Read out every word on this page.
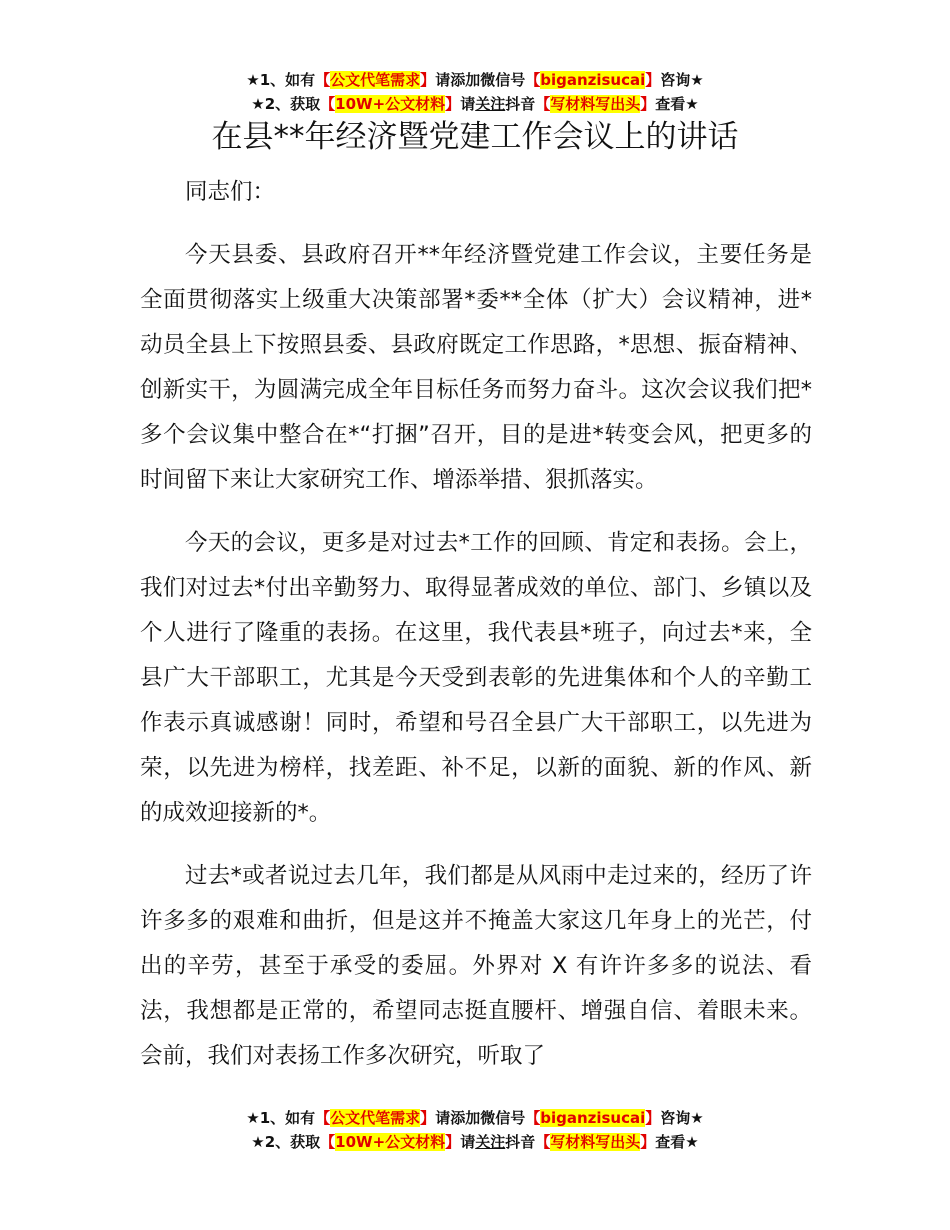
★1、如有【公文代笔需求】请添加微信号【biganzisucai】咨询★
★2、获取【10W+公文材料】请关注抖音【写材料写出头】查看★
在县**年经济暨党建工作会议上的讲话

同志们：

今天县委、县政府召开**年经济暨党建工作会议，主要任务是全面贯彻落实上级重大决策部署*委**全体（扩大）会议精神，进*动员全县上下按照县委、县政府既定工作思路，*思想、振奋精神、创新实干，为圆满完成全年目标任务而努力奋斗。这次会议我们把*多个会议集中整合在*“打捆”召开，目的是进*转变会风，把更多的时间留下来让大家研究工作、增添举措、狠抓落实。

今天的会议，更多是对过去*工作的回顾、肯定和表扬。会上，我们对过去*付出辛勤努力、取得显著成效的单位、部门、乡镇以及个人进行了隆重的表扬。在这里，我代表县*班子，向过去*来，全县广大干部职工，尤其是今天受到表彰的先进集体和个人的辛勤工作表示真诚感谢！同时，希望和号召全县广大干部职工，以先进为荣，以先进为榜样，找差距、补不足，以新的面貌、新的作风、新的成效迎接新的*。

过去*或者说过去几年，我们都是从风雨中走过来的，经历了许许多多的艰难和曲折，但是这并不掩盖大家这几年身上的光芒，付出的辛劳，甚至于承受的委屈。外界对 X 有许许多多的说法、看法，我想都是正常的，希望同志挺直腰杆、增强自信、着眼未来。会前，我们对表扬工作多次研究，听取了

★1、如有【公文代笔需求】请添加微信号【biganzisucai】咨询★
★2、获取【10W+公文材料】请关注抖音【写材料写出头】查看★
